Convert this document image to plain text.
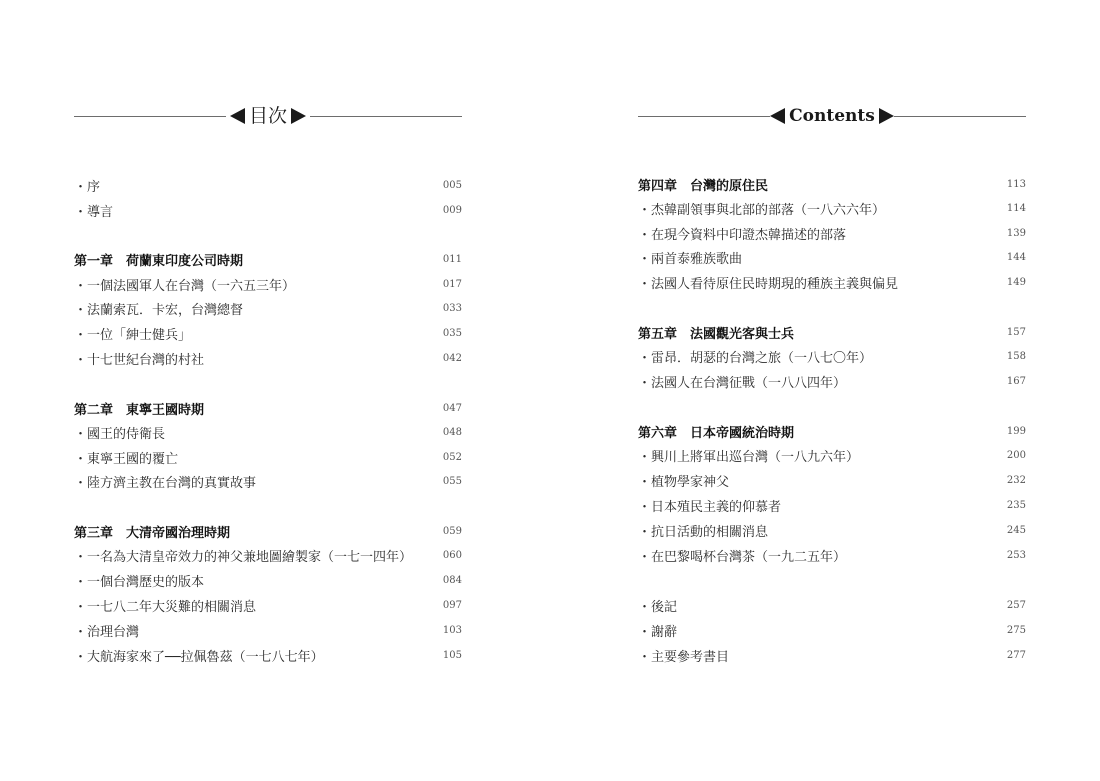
目次
・序	005
・導言	009
第一章　荷蘭東印度公司時期	011
・一個法國軍人在台灣（一六五三年）	017
・法蘭索瓦．卡宏，台灣總督	033
・一位「紳士健兵」	035
・十七世紀台灣的村社	042
第二章　東寧王國時期	047
・國王的侍衛長	048
・東寧王國的覆亡	052
・陸方濟主教在台灣的真實故事	055
第三章　大清帝國治理時期	059
・一名為大清皇帝效力的神父兼地圖繪製家（一七一四年）	060
・一個台灣歷史的版本	084
・一七八二年大災難的相關消息	097
・治理台灣	103
・大航海家來了──拉佩魯茲（一七八七年）	105
Contents
第四章　台灣的原住民	113
・杰韓副領事與北部的部落（一八六六年）	114
・在現今資料中印證杰韓描述的部落	139
・兩首泰雅族歌曲	144
・法國人看待原住民時期現的種族主義與偏見	149
第五章　法國觀光客與士兵	157
・雷昂．胡瑟的台灣之旅（一八七〇年）	158
・法國人在台灣征戰（一八八四年）	167
第六章　日本帝國統治時期	199
・興川上將軍出巡台灣（一八九六年）	200
・植物學家神父	232
・日本殖民主義的仰慕者	235
・抗日活動的相關消息	245
・在巴黎喝杯台灣茶（一九二五年）	253
・後記	257
・謝辭	275
・主要參考書目	277
